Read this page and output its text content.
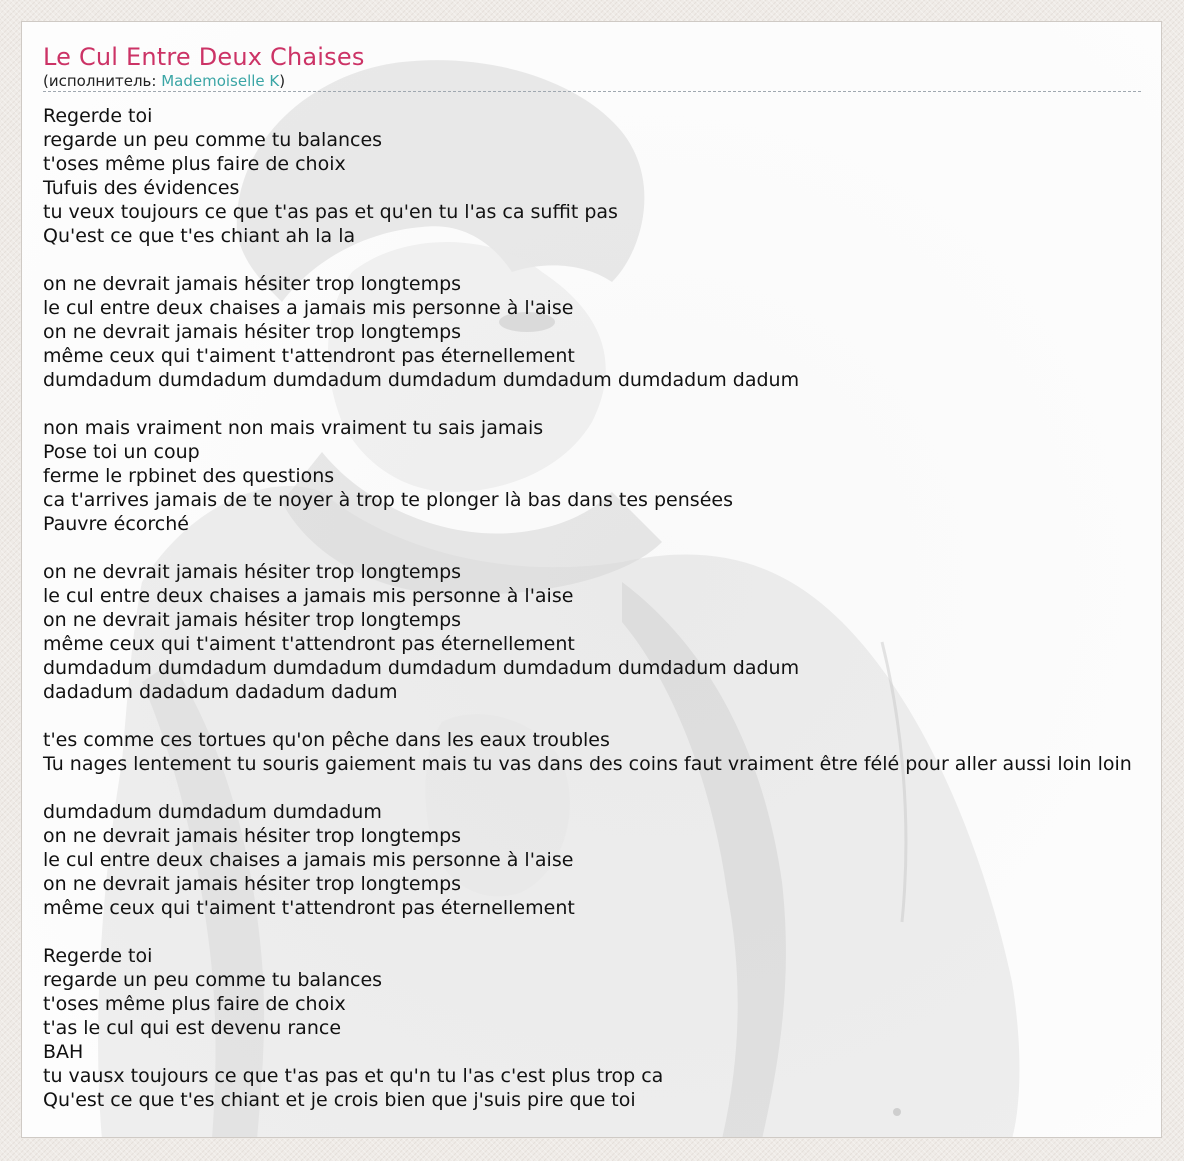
Le Cul Entre Deux Chaises
(исполнитель: Mademoiselle K)
Regerde toi
regarde un peu comme tu balances
t'oses même plus faire de choix
Tufuis des évidences
tu veux toujours ce que t'as pas et qu'en tu l'as ca suffit pas
Qu'est ce que t'es chiant ah la la
on ne devrait jamais hésiter trop longtemps
le cul entre deux chaises a jamais mis personne à l'aise
on ne devrait jamais hésiter trop longtemps
même ceux qui t'aiment t'attendront pas éternellement
dumdadum dumdadum dumdadum dumdadum dumdadum dumdadum dadum
non mais vraiment non mais vraiment tu sais jamais
Pose toi un coup
ferme le rpbinet des questions
ca t'arrives jamais de te noyer à trop te plonger là bas dans tes pensées
Pauvre écorché
on ne devrait jamais hésiter trop longtemps
le cul entre deux chaises a jamais mis personne à l'aise
on ne devrait jamais hésiter trop longtemps
même ceux qui t'aiment t'attendront pas éternellement
dumdadum dumdadum dumdadum dumdadum dumdadum dumdadum dadum
dadadum dadadum dadadum dadum
t'es comme ces tortues qu'on pêche dans les eaux troubles
Tu nages lentement tu souris gaiement mais tu vas dans des coins faut vraiment être félé pour aller aussi loin loin
dumdadum dumdadum dumdadum
on ne devrait jamais hésiter trop longtemps
le cul entre deux chaises a jamais mis personne à l'aise
on ne devrait jamais hésiter trop longtemps
même ceux qui t'aiment t'attendront pas éternellement
Regerde toi
regarde un peu comme tu balances
t'oses même plus faire de choix
t'as le cul qui est devenu rance
BAH
tu vausx toujours ce que t'as pas et qu'n tu l'as c'est plus trop ca
Qu'est ce que t'es chiant et je crois bien que j'suis pire que toi
